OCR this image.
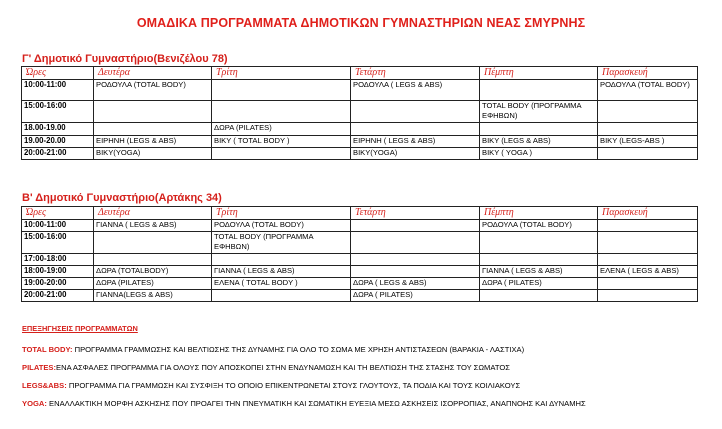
ΟΜΑΔΙΚΑ ΠΡΟΓΡΑΜΜΑΤΑ ΔΗΜΟΤΙΚΩΝ ΓΥΜΝΑΣΤΗΡΙΩΝ ΝΕΑΣ ΣΜΥΡΝΗΣ
Γ' Δημοτικό Γυμναστήριο(Βενιζέλου 78)
Ώρες	Δευτέρα	Τρίτη	Τετάρτη	Πέμπτη	Παρασκευή
10:00-11:00	ΡΟΔΟΥΛΑ (TOTAL BODY)		ΡΟΔΟΥΛΑ ( LEGS & ABS)		ΡΟΔΟΥΛΑ (TOTAL BODY)
15:00-16:00				TOTAL BODY (ΠΡΟΓΡΑΜΜΑ ΕΦΗΒΩΝ)	
18.00-19.00		ΔΩΡΑ (PILATES)			
19.00-20.00	ΕΙΡΗΝΗ (LEGS & ABS)	ΒΙΚΥ ( TOTAL BODY )	ΕΙΡΗΝΗ ( LEGS & ABS)	ΒΙΚΥ (LEGS & ABS)	ΒΙΚΥ (LEGS-ABS )
20:00-21:00	ΒΙΚΥ(YOGA)		ΒΙΚΥ(YOGA)	ΒΙΚΥ ( YOGA )	
Β' Δημοτικό Γυμναστήριο(Αρτάκης 34)
Ώρες	Δευτέρα	Τρίτη	Τετάρτη	Πέμπτη	Παρασκευή
10:00-11:00	ΓΙΑΝΝΑ ( LEGS & ABS)	ΡΟΔΟΥΛΑ (TOTAL BODY)		ΡΟΔΟΥΛΑ (TOTAL BODY)	
15:00-16:00		TOTAL BODY (ΠΡΟΓΡΑΜΜΑ ΕΦΗΒΩΝ)			
17:00-18:00					
18:00-19:00	ΔΩΡΑ (TOTALBODY)	ΓΙΑΝΝΑ ( LEGS & ABS)		ΓΙΑΝΝΑ ( LEGS & ABS)	ΕΛΕΝΑ ( LEGS & ABS)
19:00-20:00	ΔΩΡΑ (PILATES)	ΕΛΕΝΑ ( TOTAL BODY )	ΔΩΡΑ ( LEGS & ABS)	ΔΩΡΑ ( PILATES)	
20:00-21:00	ΓΙΑΝΝΑ(LEGS & ABS)		ΔΩΡΑ ( PILATES)		
ΕΠΕΞΗΓΗΣΕΙΣ ΠΡΟΓΡΑΜΜΑΤΩΝ
TOTAL BODY: ΠΡΟΓΡΑΜΜΑ ΓΡΑΜΜΩΣΗΣ ΚΑΙ ΒΕΛΤΙΩΣΗΣ ΤΗΣ ΔΥΝΑΜΗΣ ΓΙΑ ΟΛΟ ΤΟ ΣΩΜΑ ΜΕ ΧΡΗΣΗ ΑΝΤΙΣΤΑΣΕΩΝ (ΒΑΡΑΚΙΑ - ΛΑΣΤΙΧΑ)
PILATES:ΕΝΑ ΑΣΦΑΛΕΣ ΠΡΟΓΡΑΜΜΑ ΓΙΑ ΟΛΟΥΣ ΠΟΥ ΑΠΟΣΚΟΠΕΙ ΣΤΗΝ ΕΝΔΥΝΑΜΩΣΗ ΚΑΙ ΤΗ ΒΕΛΤΙΩΣΗ ΤΗΣ ΣΤΑΣΗΣ ΤΟΥ ΣΩΜΑΤΟΣ
LEGS&ABS: ΠΡΟΓΡΑΜΜΑ ΓΙΑ ΓΡΑΜΜΩΣΗ ΚΑΙ ΣΥΣΦΙΞΗ ΤΟ ΟΠΟΙΟ ΕΠΙΚΕΝΤΡΩΝΕΤΑΙ ΣΤΟΥΣ ΓΛΟΥΤΟΥΣ, ΤΑ ΠΟΔΙΑ ΚΑΙ ΤΟΥΣ ΚΟΙΛΙΑΚΟΥΣ
YOGA: ΕΝΑΛΛΑΚΤΙΚΗ ΜΟΡΦΗ ΑΣΚΗΣΗΣ ΠΟΥ ΠΡΟΑΓΕΙ ΤΗΝ ΠΝΕΥΜΑΤΙΚΗ ΚΑΙ ΣΩΜΑΤΙΚΗ ΕΥΕΞΙΑ ΜΕΣΩ ΑΣΚΗΣΕΙΣ ΙΣΟΡΡΟΠΙΑΣ, ΑΝΑΠΝΟΗΣ ΚΑΙ ΔΥΝΑΜΗΣ
